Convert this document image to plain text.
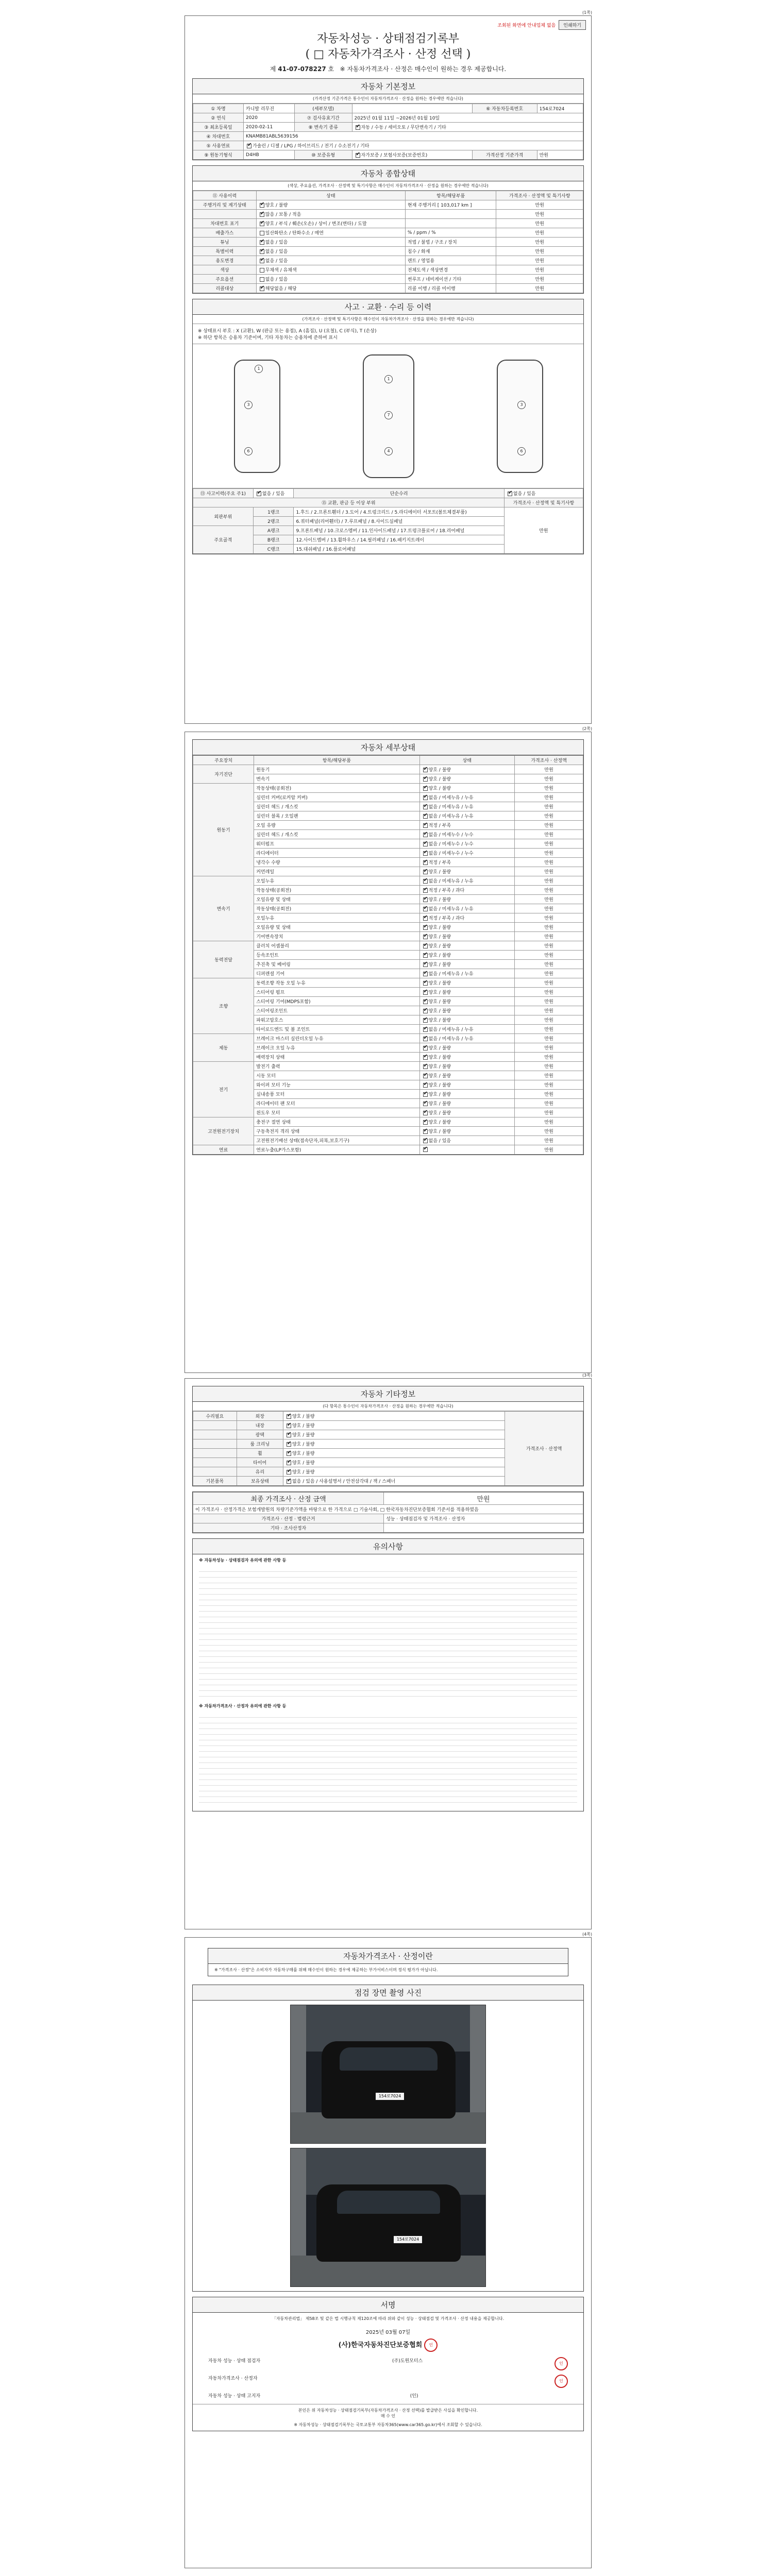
(1쪽)
조회된 화면에 안내업체 없음	인쇄하기
자동차성능 · 상태점검기록부
( □ 자동차가격조사 · 산정 선택 )
제 41-07-078227 호 ※ 자동차가격조사 · 산정은 매수인이 원하는 경우 제공합니다.
자동차 기본정보
(가격산정 기준가격은 통수인이 자동차가격조사 · 산정을 원하는 경우에만 적습니다)
① 차명	카니발 리무진	(세부모델)		⑥ 자동차등록번호	154로7024
② 연식	2020	⑦ 검사유효기간	2025년 01월 11일 ~2026년 01월 10일		
③ 최초등록일	2020-02-11	⑧ 변속기 종류	✔자동 / 수동 / 세미오토 / 무단변속기 / 기타
④ 차대번호	KNAMB81ABL5639156				
⑤ 사용연료	✔가솔린 / 디젤 / LPG / 하이브리드 / 전기 / 수소전기 / 기타
⑨ 원동기형식	D4HB	⑩ 보증유형	✔자가보증 / 보험사보증(보증번호)	가격산정 기준가격	만원
자동차 종합상태
(색상, 주요옵션, 가격조사 · 산정액 및 특기사항은 매수인이 자동차가격조사 · 산정을 원하는 경우에만 적습니다)
⑪ 사용이력	상태	항목/해당부품	가격조사 · 산정액 및 특기사항
주행거리 및 계기상태	✔양호 / 불량	현재 주행거리 [ 103,017 km ]	만원
	✔많음 / 보통 / 적음		만원
차대번호 표기	✔양호 / 부식 / 훼손(오손) / 상이 / 변조(변타) / 도말		만원
배출가스	일산화탄소 / 탄화수소 / 매연	% / ppm / %	만원
튜닝	✔없음 / 있음	적법 / 불법 / 구조 / 장치	만원
특별이력	✔없음 / 있음	침수 / 화재	만원
용도변경	✔없음 / 있음	렌트 / 영업용	만원
색상	무채색 / 유채색	전체도색 / 색상변경	만원
주요옵션	없음 / 있음	썬루프 / 네비게이션 / 기타	만원
리콜대상	✔해당없음 / 해당	리콜 이행 / 리콜 미이행	만원
사고 · 교환 · 수리 등 이력
(가격조사 · 산정액 및 특기사항은 매수인이 자동차가격조사 · 산정을 원하는 경우에만 적습니다)
※ 상태표시 부호 : X (교환), W (판금 또는 용접), A (흠집), U (요철), C (부식), T (손상)
※ 하단 항목은 승용차 기준이며, 기타 자동차는 승용차에 준하여 표시
1
1
3
4
3
7
6
6
⑬ 사고이력(주요 주1)	✔없음 / 있음	단순수리	✔없음 / 있음
⑮ 교환, 판금 등 이상 부위			가격조사 · 산정액 및 특기사항
외판부위	1랭크	1.후드 / 2.프론트휀더 / 3.도어 / 4.트렁크리드 / 5.라디에이터 서포트(볼트체결부품)	만원
	2랭크	6.쿼터패널(리어휀더) / 7.루프패널 / 8.사이드실패널	
주요골격	A랭크	9.프론트패널 / 10.크로스멤버 / 11.인사이드패널 / 17.트렁크플로어 / 18.리어패널	
	B랭크	12.사이드멤버 / 13.휠하우스 / 14.필러패널 / 16.패키지트레이	
	C랭크	15.대쉬패널 / 16.플로어패널	
(2쪽)
자동차 세부상태
주요장치	항목/해당부품	상태	가격조사 · 산정액
자기진단	원동기	✔양호 / 불량	만원
	변속기	✔양호 / 불량	만원
원동기	작동상태(공회전)	✔양호 / 불량	만원
	실린더 커버(로커암 커버)	✔없음 / 미세누유 / 누유	만원
	실린더 헤드 / 개스킷	✔없음 / 미세누유 / 누유	만원
	실린더 블록 / 오일팬	✔없음 / 미세누유 / 누유	만원
	오일 유량	✔적정 / 부족	만원
	실린더 헤드 / 개스킷	✔없음 / 미세누수 / 누수	만원
	워터펌프	✔없음 / 미세누수 / 누수	만원
	라디에이터	✔없음 / 미세누수 / 누수	만원
	냉각수 수량	✔적정 / 부족	만원
	커먼레일	✔양호 / 불량	만원
변속기	오일누유	✔없음 / 미세누유 / 누유	만원
	작동상태(공회전)	✔적정 / 부족 / 과다	만원
	오일유량 및 상태	✔양호 / 불량	만원
	작동상태(공회전)	✔없음 / 미세누유 / 누유	만원
	오일누유	✔적정 / 부족 / 과다	만원
	오일유량 및 상태	✔양호 / 불량	만원
	기어변속장치	✔양호 / 불량	만원
동력전달	클러치 어셈블리	✔양호 / 불량	만원
	등속조인트	✔양호 / 불량	만원
	추진축 및 베어링	✔양호 / 불량	만원
	디퍼렌셜 기어	✔없음 / 미세누유 / 누유	만원
조향	동력조향 작동 오일 누유	✔양호 / 불량	만원
	스티어링 펌프	✔양호 / 불량	만원
	스티어링 기어(MDPS포함)	✔양호 / 불량	만원
	스티어링조인트	✔양호 / 불량	만원
	파워고압호스	✔양호 / 불량	만원
	타이로드엔드 및 볼 조인트	✔없음 / 미세누유 / 누유	만원
제동	브레이크 마스터 실린더오일 누유	✔없음 / 미세누유 / 누유	만원
	브레이크 오일 누유	✔양호 / 불량	만원
	배력장치 상태	✔양호 / 불량	만원
전기	발전기 출력	✔양호 / 불량	만원
	시동 모터	✔양호 / 불량	만원
	와이퍼 모터 기능	✔양호 / 불량	만원
	실내송풍 모터	✔양호 / 불량	만원
	라디에이터 팬 모터	✔양호 / 불량	만원
	윈도우 모터	✔양호 / 불량	만원
고전원전기장치	충전구 절연 상태	✔양호 / 불량	만원
	구동축전지 격리 상태	✔양호 / 불량	만원
	고전원전기배선 상태(접속단자,피복,보호기구)	✔없음 / 있음	만원
연료	연료누출(LP가스포함)	✔	만원
(3쪽)
자동차 기타정보
(다 항목은 통수인이 자동차가격조사 · 산정을 원하는 경우에만 적습니다)
수리필요	외장	✔양호 / 불량	가격조사 · 산정액
	내장	✔양호 / 불량
	광택	✔양호 / 불량
	룸 크리닝	✔양호 / 불량
	휠	✔양호 / 불량
	타이어	✔양호 / 불량
	유리	✔양호 / 불량
기본품목	보유상태	✔없음 / 있음 / 사용설명서 / 안전삼각대 / 잭 / 스패너
최종 가격조사 · 산정 금액	만원
이 가격조사 · 산정가격은 보험개발원의 차량기준가액을 바탕으로 한 가격으로 □ 기술사회, □ 한국자동차진단보증협회 기준서를 적용하였음	
가격조사 · 산정 · 법령근거	성능 · 상태점검자 및 가격조사 · 산정자
기타 · 조사산정자	
유의사항
※ 자동차성능 · 상태점검자 유의에 관한 사항 등
※ 자동차가격조사 · 산정자 유의에 관한 사항 등
(4쪽)
자동차가격조사 · 산정이란
※ "가격조사 · 산정"은 소비자가 자동차구매를 위해 매수인이 원하는 경우에 제공하는 부가서비스이며 정식 평가가 아닙니다.
점검 장면 촬영 사진
154로7024
154로7024
서명
「자동차관리법」 제58조 및 같은 법 시행규칙 제120조에 따라 위와 같이 성능 · 상태점검 및 가격조사 · 산정 내용을 제공합니다.
2025년 03월 07일
(사)한국자동차진단보증협회 인
자동차 성능 · 상태 점검자	(주)도원모터스	인
자동차가격조사 · 산정자	인
자동차 성능 · 상태 고지자	(인)
본인은 위 자동차성능 · 상태점검기록부(자동차가격조사 · 산정 선택)를 발급받은 사실을 확인합니다.
매 수 인
※ 자동차성능 · 상태점검기록부는 국토교통부 자동차365(www.car365.go.kr)에서 조회할 수 있습니다.
